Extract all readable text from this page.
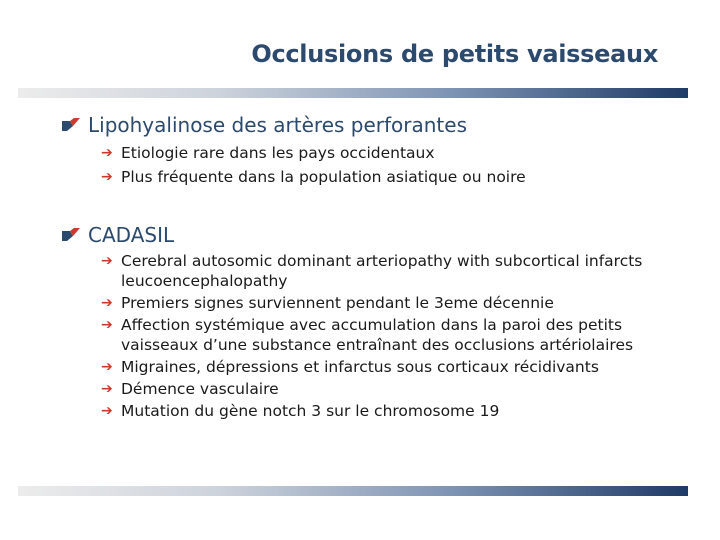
Occlusions de petits vaisseaux
Lipohyalinose des artères perforantes
➔ Etiologie rare dans les pays occidentaux
➔ Plus fréquente dans la population asiatique ou noire
CADASIL
➔ Cerebral autosomic dominant arteriopathy with subcortical infarcts leucoencephalopathy
➔ Premiers signes surviennent pendant le 3eme décennie
➔ Affection systémique avec accumulation dans la paroi des petits vaisseaux d’une substance entraînant des occlusions artériolaires
➔ Migraines, dépressions et infarctus sous corticaux récidivants
➔ Démence vasculaire
➔ Mutation du gène notch 3 sur le chromosome 19
